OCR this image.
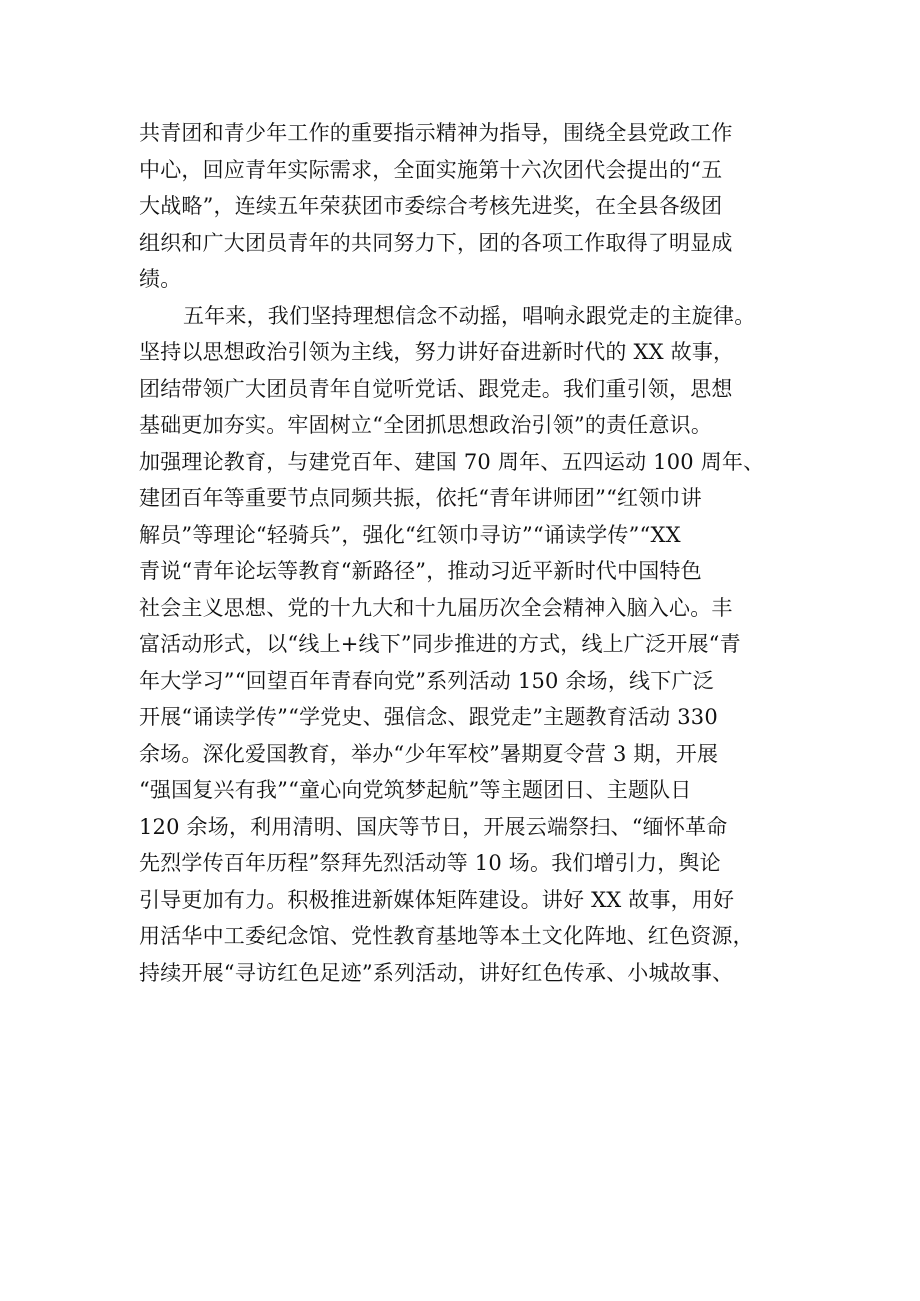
共青团和青少年工作的重要指示精神为指导，围绕全县党政工作
中心，回应青年实际需求，全面实施第十六次团代会提出的“五
大战略”，连续五年荣获团市委综合考核先进奖，在全县各级团
组织和广大团员青年的共同努力下，团的各项工作取得了明显成
绩。
五年来，我们坚持理想信念不动摇，唱响永跟党走的主旋律。
坚持以思想政治引领为主线，努力讲好奋进新时代的 XX 故事，
团结带领广大团员青年自觉听党话、跟党走。我们重引领，思想
基础更加夯实。牢固树立“全团抓思想政治引领”的责任意识。
加强理论教育，与建党百年、建国 70 周年、五四运动 100 周年、
建团百年等重要节点同频共振，依托“青年讲师团”“红领巾讲
解员”等理论“轻骑兵”，强化“红领巾寻访”“诵读学传”“XX
青说“青年论坛等教育“新路径”，推动习近平新时代中国特色
社会主义思想、党的十九大和十九届历次全会精神入脑入心。丰
富活动形式，以“线上+线下”同步推进的方式，线上广泛开展“青
年大学习”“回望百年青春向党”系列活动 150 余场，线下广泛
开展“诵读学传”“学党史、强信念、跟党走”主题教育活动 330
余场。深化爱国教育，举办“少年军校”暑期夏令营 3 期，开展
“强国复兴有我”“童心向党筑梦起航”等主题团日、主题队日
120 余场，利用清明、国庆等节日，开展云端祭扫、“缅怀革命
先烈学传百年历程”祭拜先烈活动等 10 场。我们增引力，舆论
引导更加有力。积极推进新媒体矩阵建设。讲好 XX 故事，用好
用活华中工委纪念馆、党性教育基地等本土文化阵地、红色资源，
持续开展“寻访红色足迹”系列活动，讲好红色传承、小城故事、
